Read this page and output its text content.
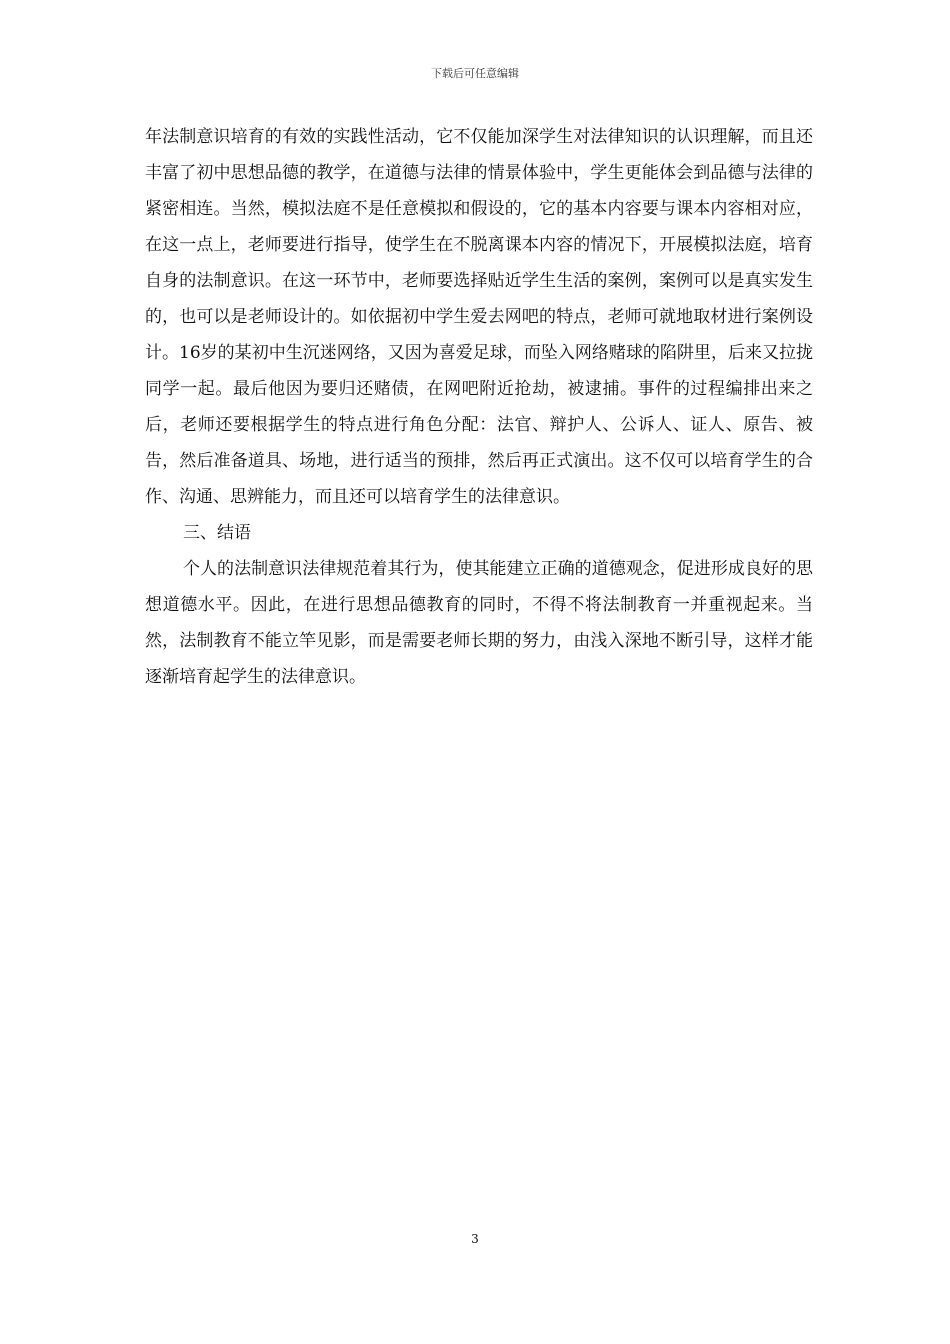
下载后可任意编辑

年法制意识培育的有效的实践性活动，它不仅能加深学生对法律知识的认识理解，而且还丰富了初中思想品德的教学，在道德与法律的情景体验中，学生更能体会到品德与法律的紧密相连。当然，模拟法庭不是任意模拟和假设的，它的基本内容要与课本内容相对应，在这一点上，老师要进行指导，使学生在不脱离课本内容的情况下，开展模拟法庭，培育自身的法制意识。在这一环节中，老师要选择贴近学生生活的案例，案例可以是真实发生的，也可以是老师设计的。如依据初中学生爱去网吧的特点，老师可就地取材进行案例设计。16岁的某初中生沉迷网络，又因为喜爱足球，而坠入网络赌球的陷阱里，后来又拉拢同学一起。最后他因为要归还赌债，在网吧附近抢劫，被逮捕。事件的过程编排出来之后，老师还要根据学生的特点进行角色分配：法官、辩护人、公诉人、证人、原告、被告，然后准备道具、场地，进行适当的预排，然后再正式演出。这不仅可以培育学生的合作、沟通、思辨能力，而且还可以培育学生的法律意识。

三、结语

个人的法制意识法律规范着其行为，使其能建立正确的道德观念，促进形成良好的思想道德水平。因此，在进行思想品德教育的同时，不得不将法制教育一并重视起来。当然，法制教育不能立竿见影，而是需要老师长期的努力，由浅入深地不断引导，这样才能逐渐培育起学生的法律意识。

3
